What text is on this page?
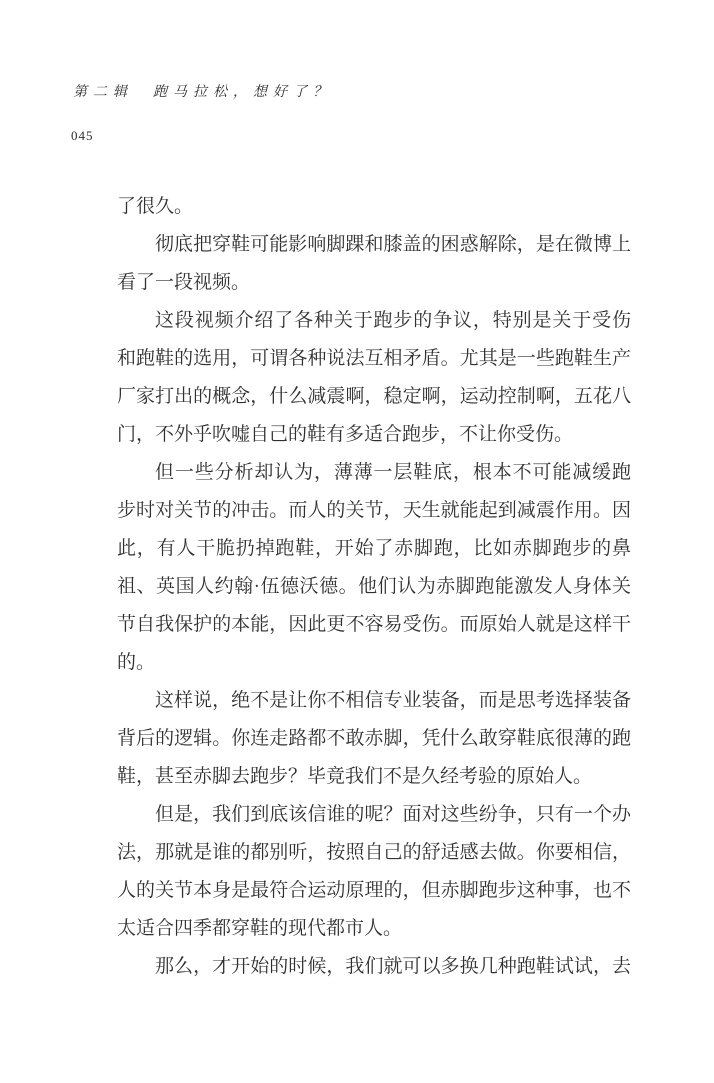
第二辑　跑马拉松，想好了？
045
了很久。
彻底把穿鞋可能影响脚踝和膝盖的困惑解除，是在微博上
看了一段视频。
这段视频介绍了各种关于跑步的争议，特别是关于受伤
和跑鞋的选用，可谓各种说法互相矛盾。尤其是一些跑鞋生产
厂家打出的概念，什么减震啊，稳定啊，运动控制啊，五花八
门，不外乎吹嘘自己的鞋有多适合跑步，不让你受伤。
但一些分析却认为，薄薄一层鞋底，根本不可能减缓跑
步时对关节的冲击。而人的关节，天生就能起到减震作用。因
此，有人干脆扔掉跑鞋，开始了赤脚跑，比如赤脚跑步的鼻
祖、英国人约翰·伍德沃德。他们认为赤脚跑能激发人身体关
节自我保护的本能，因此更不容易受伤。而原始人就是这样干
的。
这样说，绝不是让你不相信专业装备，而是思考选择装备
背后的逻辑。你连走路都不敢赤脚，凭什么敢穿鞋底很薄的跑
鞋，甚至赤脚去跑步？毕竟我们不是久经考验的原始人。
但是，我们到底该信谁的呢？面对这些纷争，只有一个办
法，那就是谁的都别听，按照自己的舒适感去做。你要相信，
人的关节本身是最符合运动原理的，但赤脚跑步这种事，也不
太适合四季都穿鞋的现代都市人。
那么，才开始的时候，我们就可以多换几种跑鞋试试，去
